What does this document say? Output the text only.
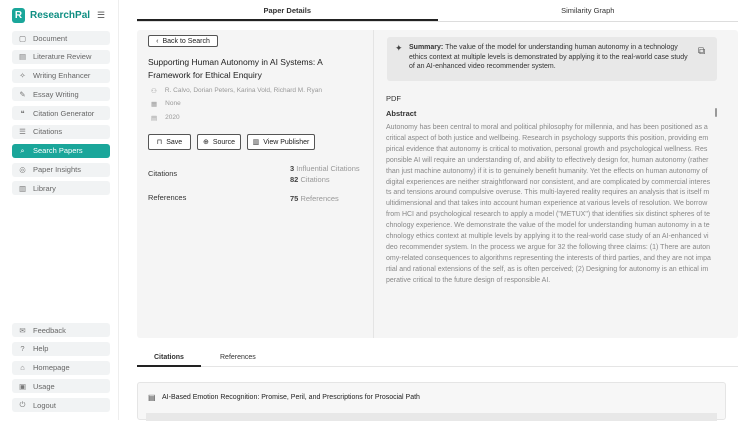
R ResearchPal ☰
▢ Document
▤ Literature Review
✧ Writing Enhancer
✎ Essay Writing
❝	Citation Generator
☰ Citations
⌕	Search Papers
◎ Paper Insights
▥ Library
✉ Feedback
?	Help
⌂ Homepage
▣ Usage
⏻ Logout
Paper Details	Similarity Graph
‹ Back to Search
Supporting Human Autonomy in AI Systems: A Framework for Ethical Enquiry
⚇ R. Calvo, Dorian Peters, Karina Vold, Richard M. Ryan
▦ None
▤ 2020
⊓ Save	⊕ Source	▥ View Publisher
Citations
3 Influential Citations
82 Citations
References	75 References
✦ Summary: The value of the model for understanding human autonomy in a technology ethics context at multiple levels is demonstrated by applying it to the real-world case study of an AI-enhanced video recommender system.
⧉
PDF
Abstract
Autonomy has been central to moral and political philosophy for millennia, and has been positioned as a critical aspect of both justice and wellbeing. Research in psychology supports this position, providing empirical evidence that autonomy is critical to motivation, personal growth and psychological wellness. Responsible AI will require an understanding of, and ability to effectively design for, human autonomy (rather than just machine autonomy) if it is to genuinely benefit humanity. Yet the effects on human autonomy of digital experiences are neither straightforward nor consistent, and are complicated by commercial interests and tensions around compulsive overuse. This multi-layered reality requires an analysis that is itself multidimensional and that takes into account human experience at various levels of resolution. We borrow from HCI and psychological research to apply a model ("METUX") that identifies six distinct spheres of technology experience. We demonstrate the value of the model for understanding human autonomy in a technology ethics context at multiple levels by applying it to the real-world case study of an AI-enhanced video recommender system. In the process we argue for 32 the following three claims: (1) There are autonomy-related consequences to algorithms representing the interests of third parties, and they are not impartial and rational extensions of the self, as is often perceived; (2) Designing for autonomy is an ethical imperative critical to the future design of responsible AI.
Citations	References
▤ AI-Based Emotion Recognition: Promise, Peril, and Prescriptions for Prosocial Path
